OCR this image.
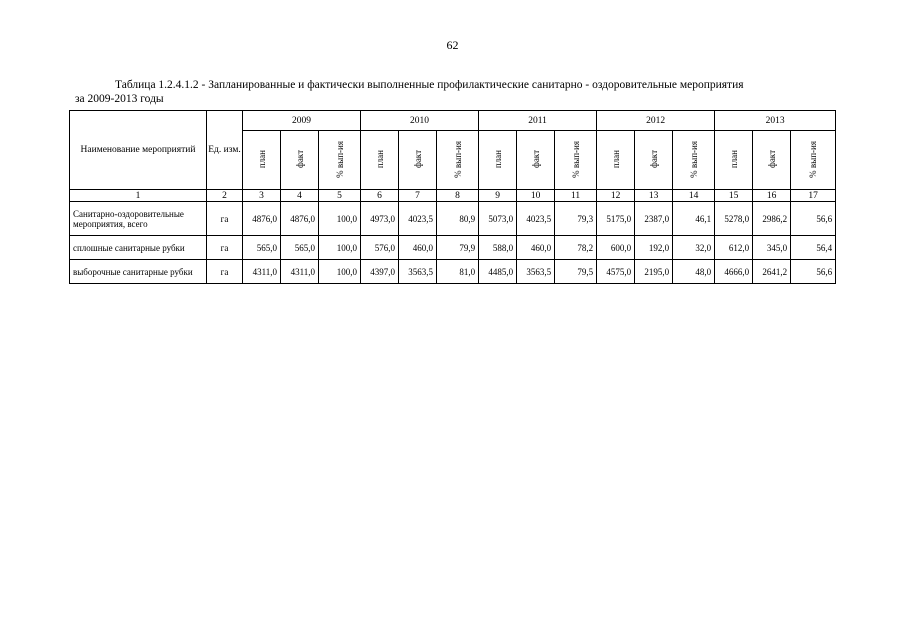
62
Таблица 1.2.4.1.2 - Запланированные и фактически выполненные профилактические санитарно - оздоровительные мероприятия
за 2009-2013 годы
Наименование мероприятий	Ед. изм.	2009			2010			2011			2012			2013		
		план	факт	% вып-ия	план	факт	% вып-ия	план	факт	% вып-ия	план	факт	% вып-ия	план	факт	% вып-ия
1	2	3	4	5	6	7	8	9	10	11	12	13	14	15	16	17
Санитарно-оздоровительные мероприятия, всего	га	4876,0	4876,0	100,0	4973,0	4023,5	80,9	5073,0	4023,5	79,3	5175,0	2387,0	46,1	5278,0	2986,2	56,6
сплошные санитарные рубки	га	565,0	565,0	100,0	576,0	460,0	79,9	588,0	460,0	78,2	600,0	192,0	32,0	612,0	345,0	56,4
выборочные санитарные рубки	га	4311,0	4311,0	100,0	4397,0	3563,5	81,0	4485,0	3563,5	79,5	4575,0	2195,0	48,0	4666,0	2641,2	56,6
